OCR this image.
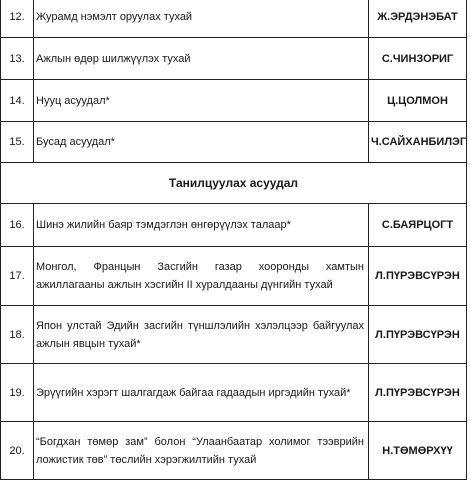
12.	Журамд нэмэлт оруулах тухай	Ж.ЭРДЭНЭБАТ
13.	Ажлын өдөр шилжүүлэх тухай	С.ЧИНЗОРИГ
14.	Нууц асуудал*	Ц.ЦОЛМОН
15.	Бусад асуудал*	Ч.САЙХАНБИЛЭГ
Танилцуулах асуудал		
16.	Шинэ жилийн баяр тэмдэглэн өнгөрүүлэх талаар*	С.БАЯРЦОГТ
17.	Монгол, Францын Засгийн газар хооронды хамтын ажиллагааны ажлын хэсгийн II хуралдааны дүнгийн тухай	Л.ПҮРЭВСҮРЭН
18.	Япон улстай Эдийн засгийн түншлэлийн хэлэлцээр байгуулах ажлын явцын тухай*	Л.ПҮРЭВСҮРЭН
19.	Эрүүгийн хэрэгт шалгагдаж байгаа гадаадын иргэдийн тухай*	Л.ПҮРЭВСҮРЭН
20.	“Богдхан төмөр зам” болон “Улаанбаатар холимог тээврийн ложистик төв” төслийн хэрэгжилтийн тухай	Н.ТӨМӨРХҮҮ
